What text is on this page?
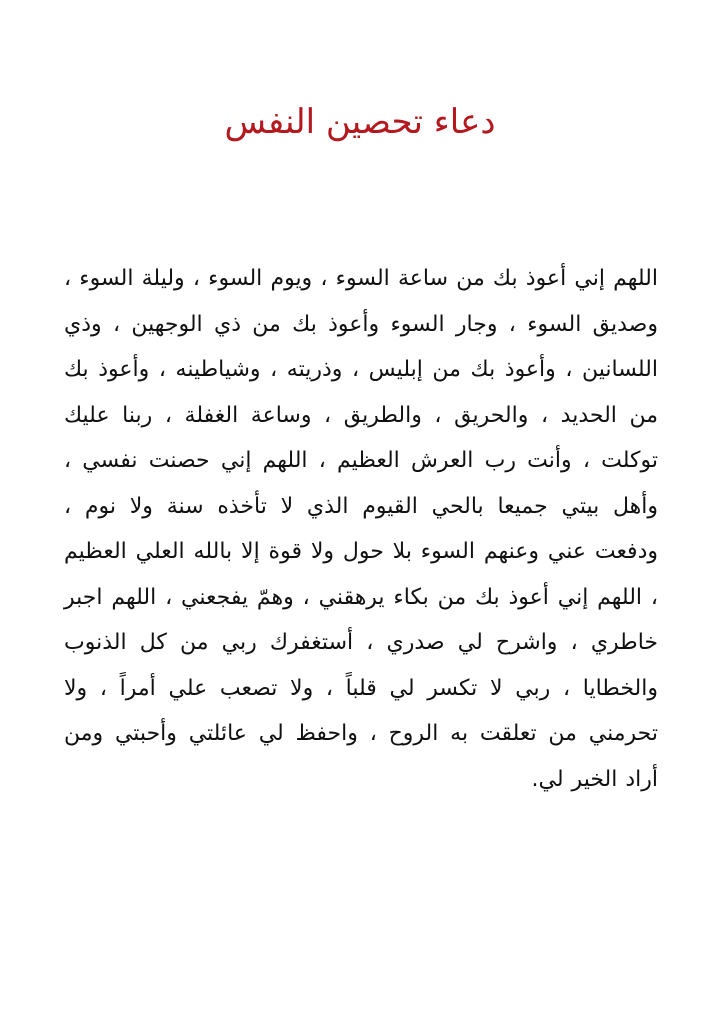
دعاء تحصين النفس

اللهم إني أعوذ بك من ساعة السوء ، ويوم السوء ، وليلة السوء ، وصديق السوء ، وجار السوء وأعوذ بك من ذي الوجهين ، وذي اللسانين ، وأعوذ بك من إبليس ، وذريته ، وشياطينه ، وأعوذ بك من الحديد ، والحريق ، والطريق ، وساعة الغفلة ، ربنا عليك توكلت ، وأنت رب العرش العظيم ، اللهم إني حصنت نفسي ، وأهل بيتي جميعا بالحي القيوم الذي لا تأخذه سنة ولا نوم ، ودفعت عني وعنهم السوء بلا حول ولا قوة إلا بالله العلي العظيم ، اللهم إني أعوذ بك من بكاء يرهقني ، وهمّ يفجعني ، اللهم اجبر خاطري ، واشرح لي صدري ، أستغفرك ربي من كل الذنوب والخطايا ، ربي لا تكسر لي قلباً ، ولا تصعب علي أمراً ، ولا تحرمني من تعلقت به الروح ، واحفظ لي عائلتي وأحبتي ومن أراد الخير لي.
